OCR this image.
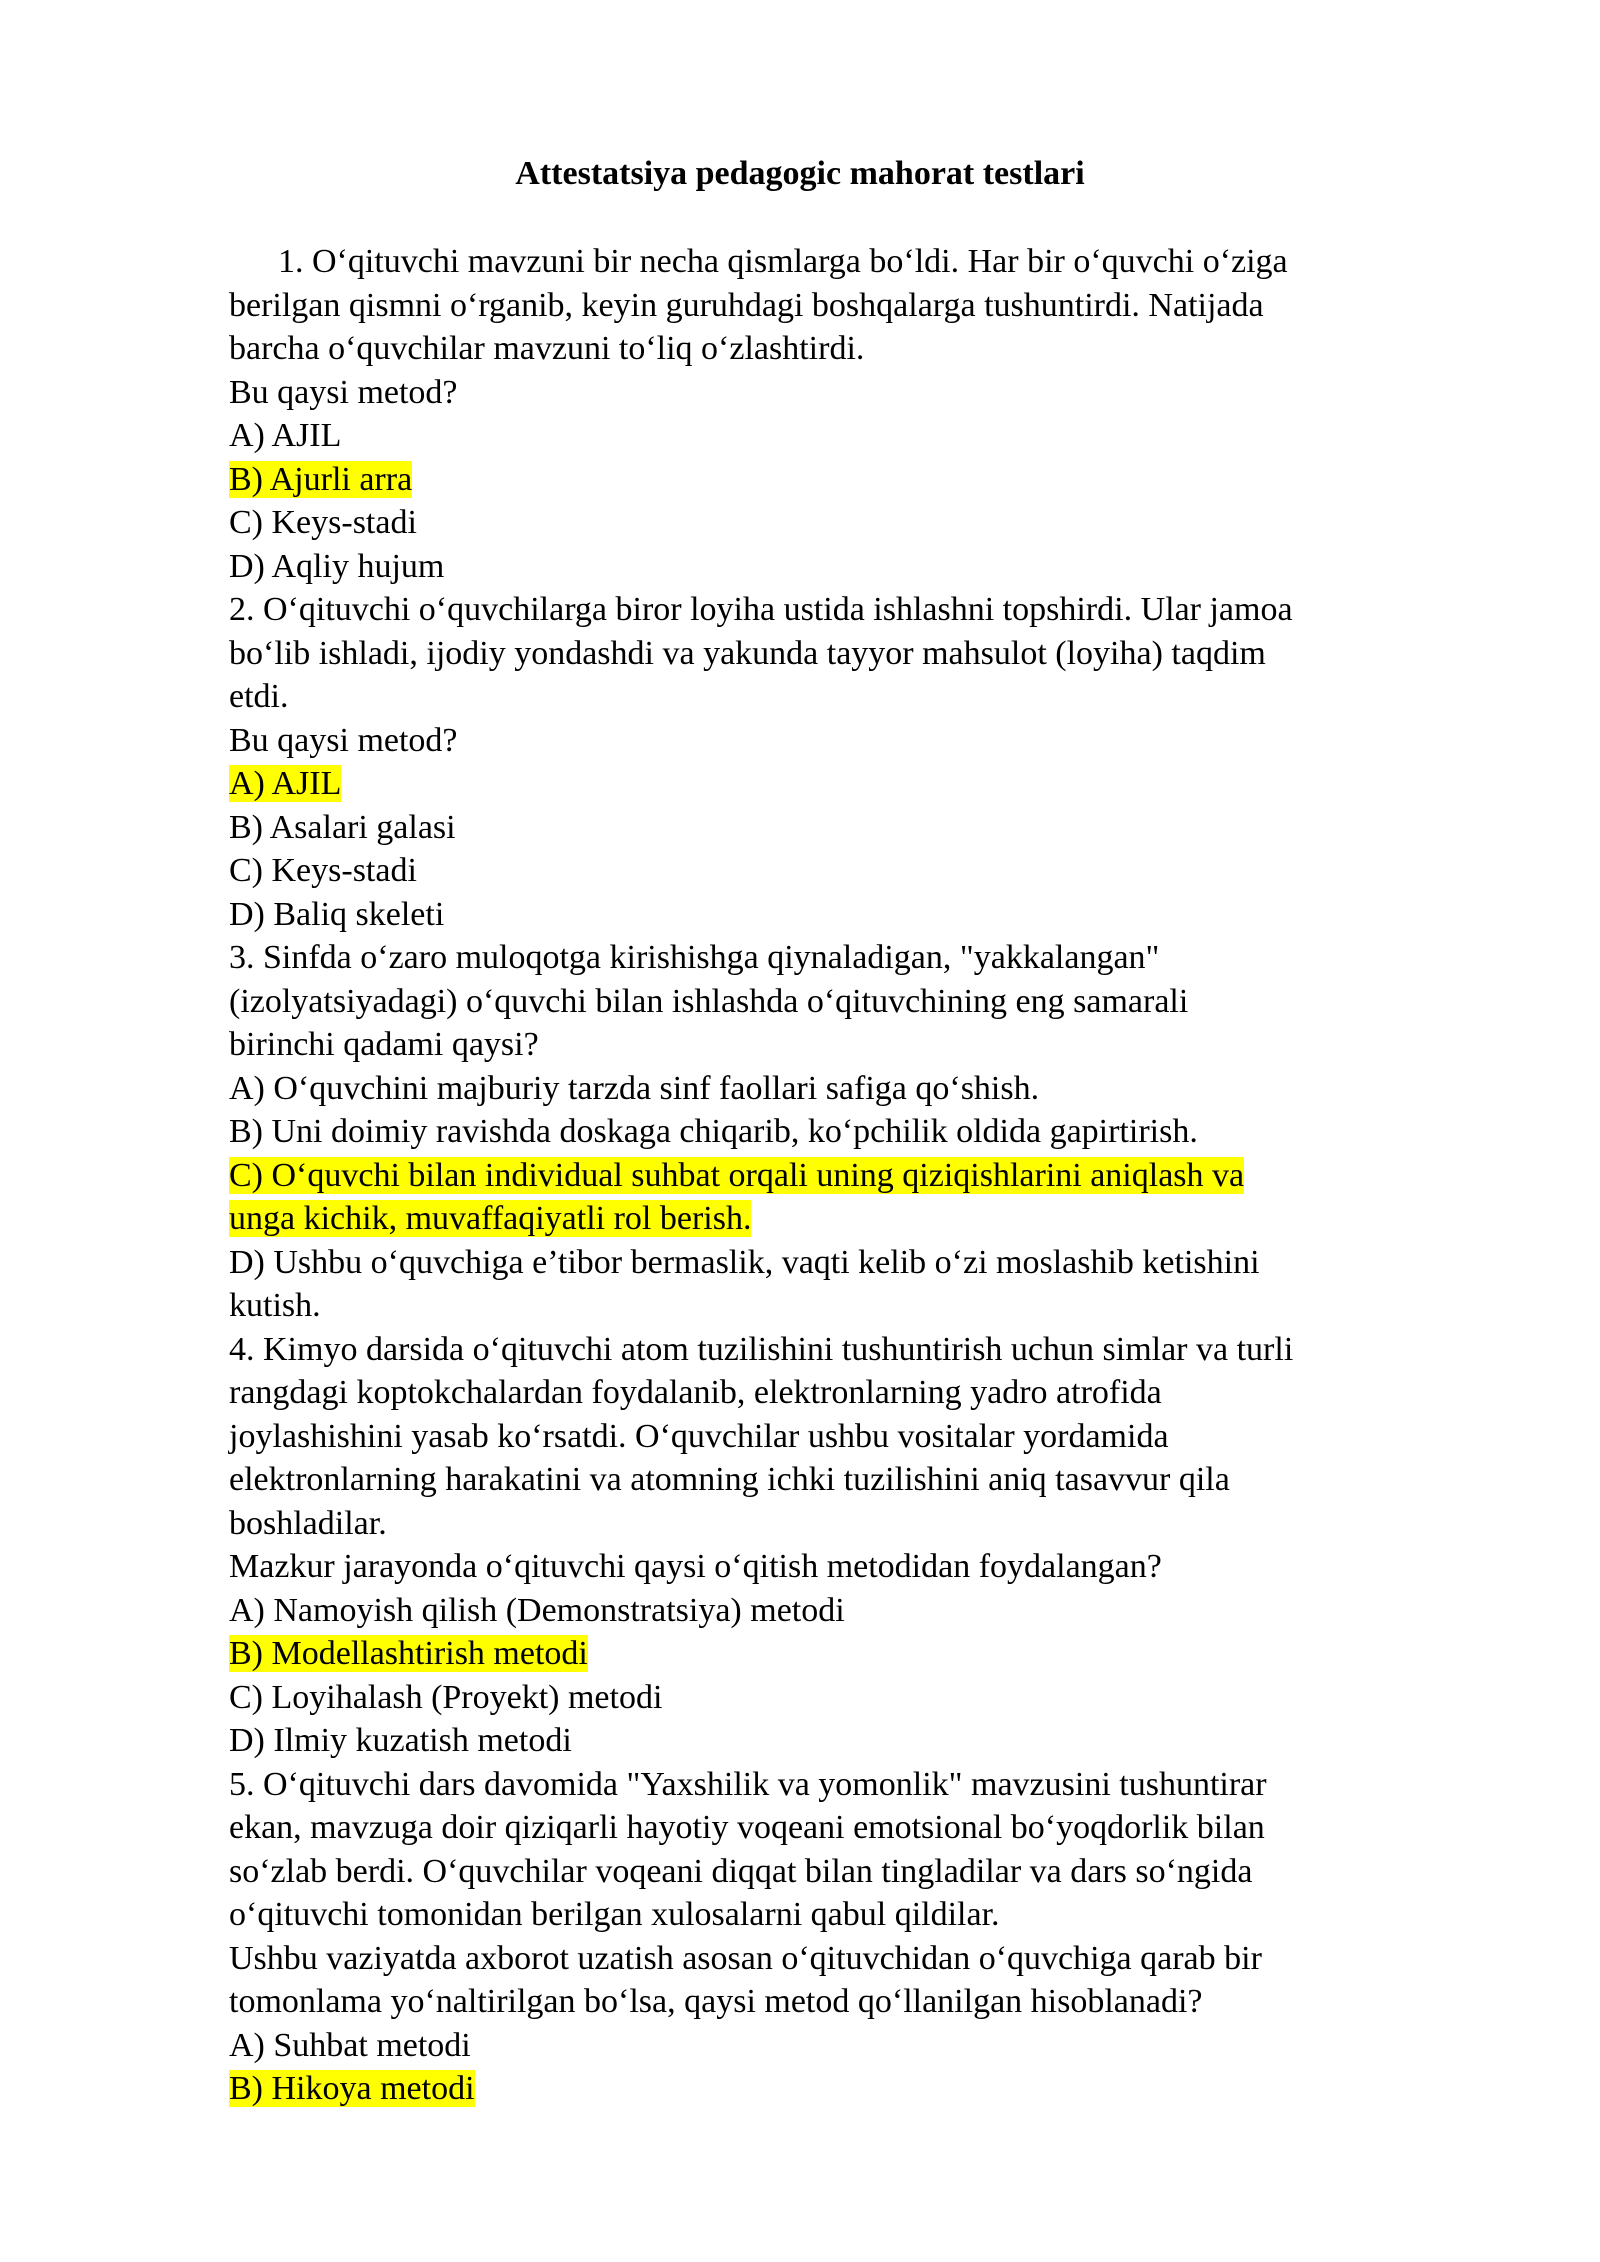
Attestatsiya pedagogic mahorat testlari
1. O‘qituvchi mavzuni bir necha qismlarga bo‘ldi. Har bir o‘quvchi o‘ziga
berilgan qismni o‘rganib, keyin guruhdagi boshqalarga tushuntirdi. Natijada
barcha o‘quvchilar mavzuni to‘liq o‘zlashtirdi.
Bu qaysi metod?
A) AJIL
B) Ajurli arra
C) Keys-stadi
D) Aqliy hujum
2. O‘qituvchi o‘quvchilarga biror loyiha ustida ishlashni topshirdi. Ular jamoa
bo‘lib ishladi, ijodiy yondashdi va yakunda tayyor mahsulot (loyiha) taqdim
etdi.
Bu qaysi metod?
A) AJIL
B) Asalari galasi
C) Keys-stadi
D) Baliq skeleti
3. Sinfda o‘zaro muloqotga kirishishga qiynaladigan, "yakkalangan"
(izolyatsiyadagi) o‘quvchi bilan ishlashda o‘qituvchining eng samarali
birinchi qadami qaysi?
A) O‘quvchini majburiy tarzda sinf faollari safiga qo‘shish.
B) Uni doimiy ravishda doskaga chiqarib, ko‘pchilik oldida gapirtirish.
C) O‘quvchi bilan individual suhbat orqali uning qiziqishlarini aniqlash va
unga kichik, muvaffaqiyatli rol berish.
D) Ushbu o‘quvchiga e’tibor bermaslik, vaqti kelib o‘zi moslashib ketishini
kutish.
4. Kimyo darsida o‘qituvchi atom tuzilishini tushuntirish uchun simlar va turli
rangdagi koptokchalardan foydalanib, elektronlarning yadro atrofida
joylashishini yasab ko‘rsatdi. O‘quvchilar ushbu vositalar yordamida
elektronlarning harakatini va atomning ichki tuzilishini aniq tasavvur qila
boshladilar.
Mazkur jarayonda o‘qituvchi qaysi o‘qitish metodidan foydalangan?
A) Namoyish qilish (Demonstratsiya) metodi
B) Modellashtirish metodi
C) Loyihalash (Proyekt) metodi
D) Ilmiy kuzatish metodi
5. O‘qituvchi dars davomida "Yaxshilik va yomonlik" mavzusini tushuntirar
ekan, mavzuga doir qiziqarli hayotiy voqeani emotsional bo‘yoqdorlik bilan
so‘zlab berdi. O‘quvchilar voqeani diqqat bilan tingladilar va dars so‘ngida
o‘qituvchi tomonidan berilgan xulosalarni qabul qildilar.
Ushbu vaziyatda axborot uzatish asosan o‘qituvchidan o‘quvchiga qarab bir
tomonlama yo‘naltirilgan bo‘lsa, qaysi metod qo‘llanilgan hisoblanadi?
A) Suhbat metodi
B) Hikoya metodi
